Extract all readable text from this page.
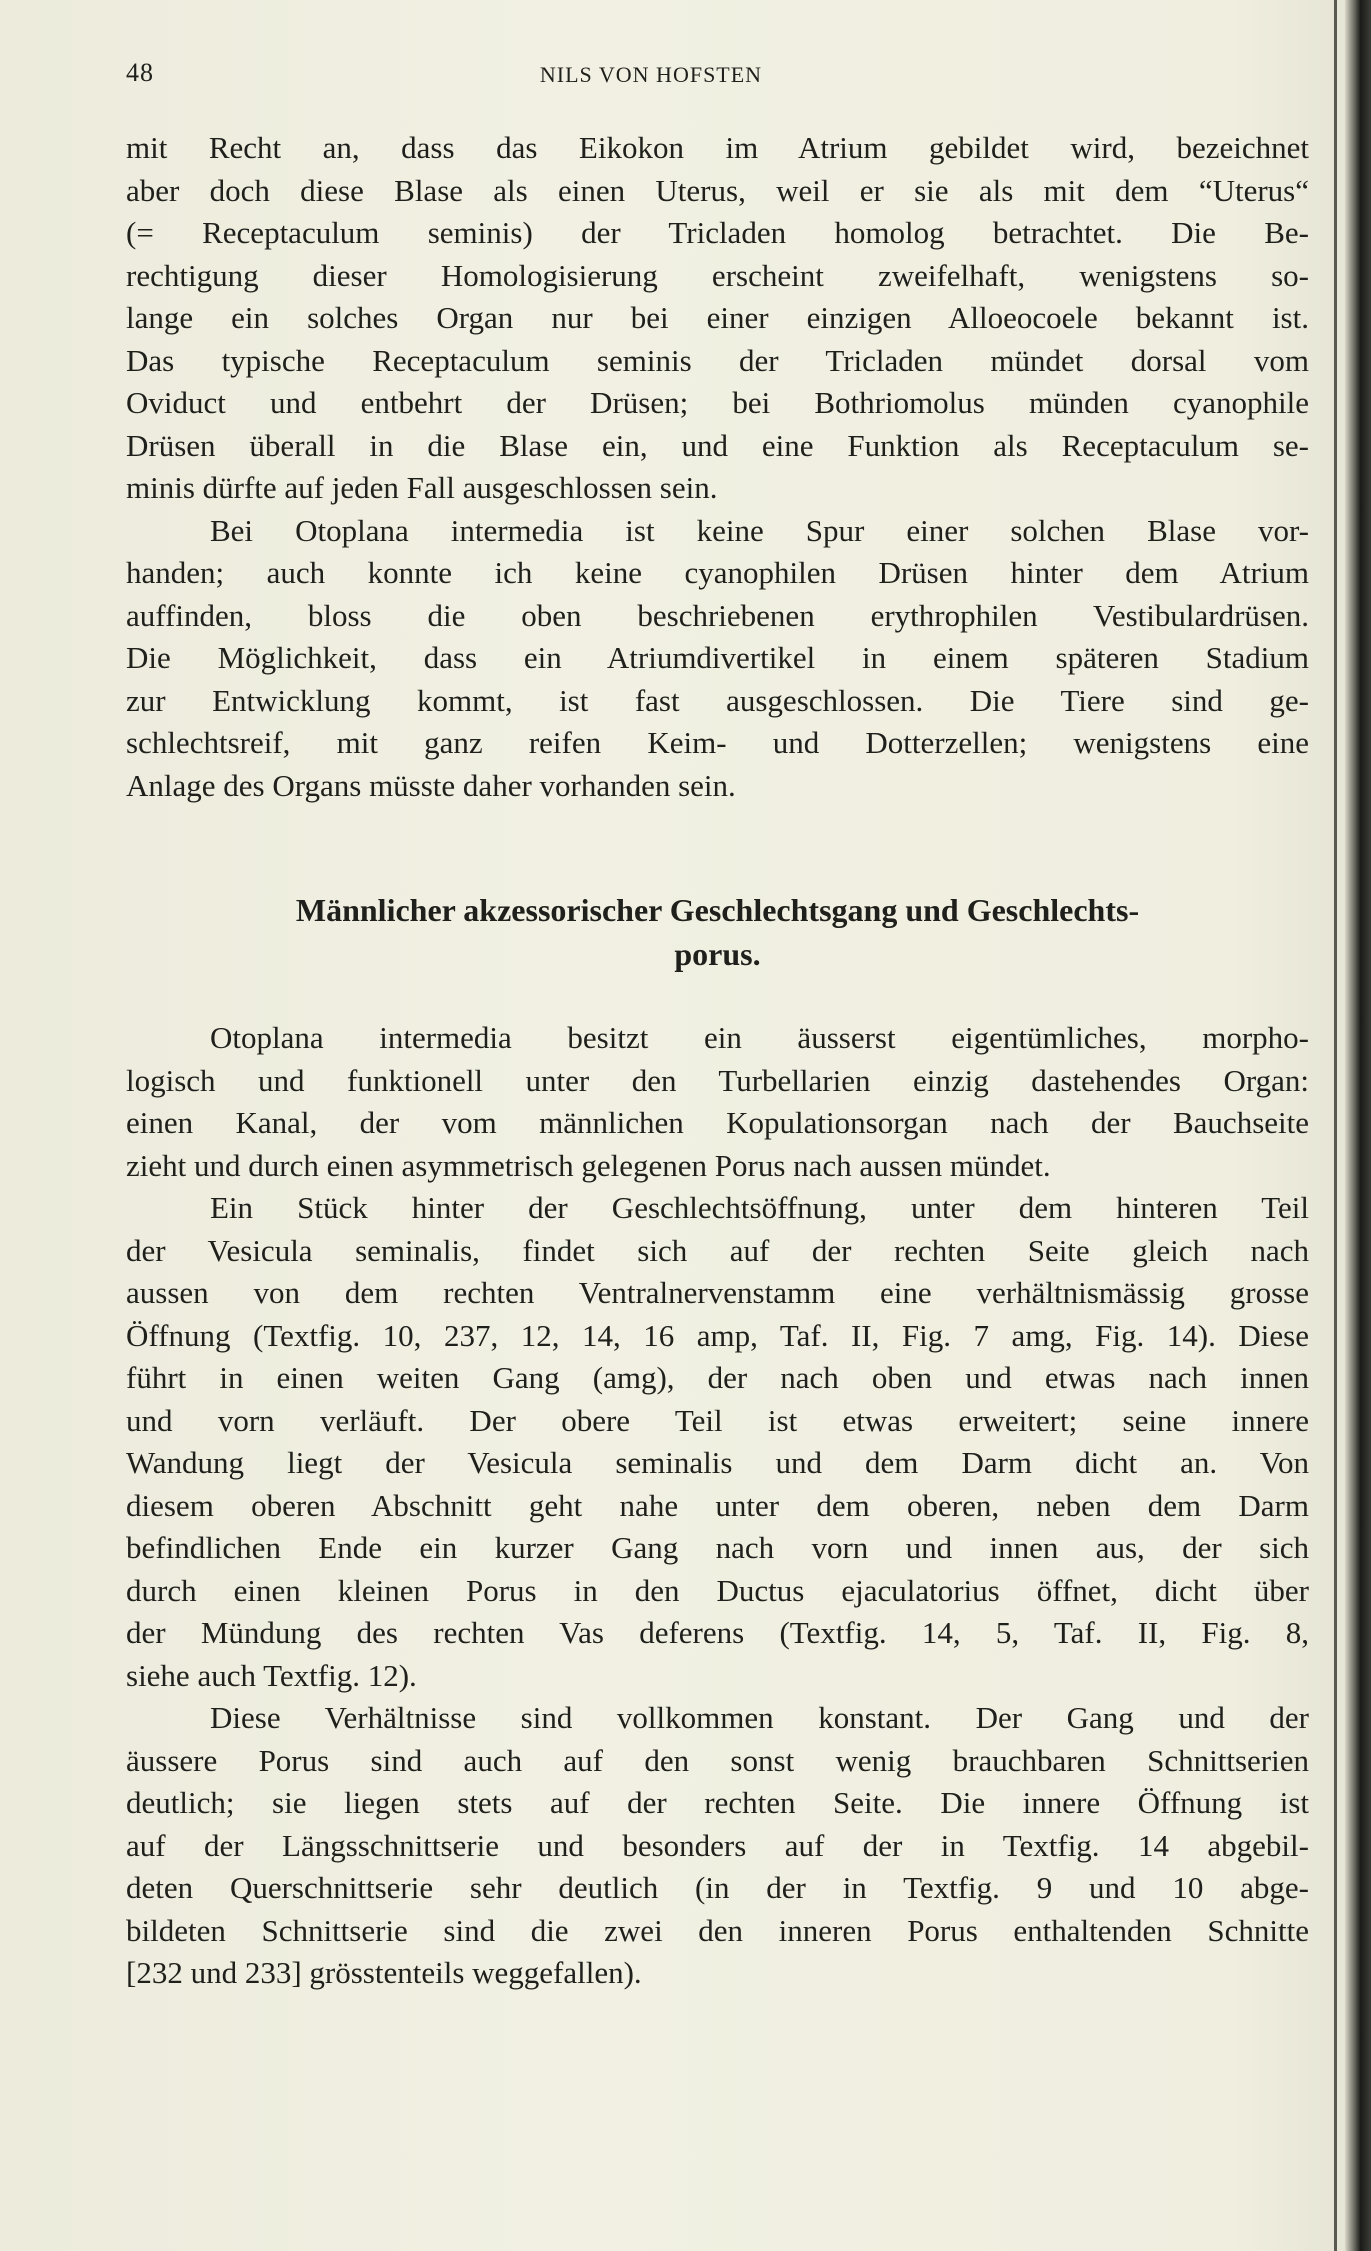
48	NILS VON HOFSTEN
mit Recht an, dass das Eikokon im Atrium gebildet wird, bezeichnet
aber doch diese Blase als einen Uterus, weil er sie als mit dem “Uterus“
(= Receptaculum seminis) der Tricladen homolog betrachtet. Die Be-
rechtigung dieser Homologisierung erscheint zweifelhaft, wenigstens so-
lange ein solches Organ nur bei einer einzigen Alloeocoele bekannt ist.
Das typische Receptaculum seminis der Tricladen mündet dorsal vom
Oviduct und entbehrt der Drüsen; bei Bothriomolus münden cyanophile
Drüsen überall in die Blase ein, und eine Funktion als Receptaculum se-
minis dürfte auf jeden Fall ausgeschlossen sein.
Bei Otoplana intermedia ist keine Spur einer solchen Blase vor-
handen; auch konnte ich keine cyanophilen Drüsen hinter dem Atrium
auffinden, bloss die oben beschriebenen erythrophilen Vestibulardrüsen.
Die Möglichkeit, dass ein Atriumdivertikel in einem späteren Stadium
zur Entwicklung kommt, ist fast ausgeschlossen. Die Tiere sind ge-
schlechtsreif, mit ganz reifen Keim- und Dotterzellen; wenigstens eine
Anlage des Organs müsste daher vorhanden sein.
Männlicher akzessorischer Geschlechtsgang und Geschlechts-
porus.
Otoplana intermedia besitzt ein äusserst eigentümliches, morpho-
logisch und funktionell unter den Turbellarien einzig dastehendes Organ:
einen Kanal, der vom männlichen Kopulationsorgan nach der Bauchseite
zieht und durch einen asymmetrisch gelegenen Porus nach aussen mündet.
Ein Stück hinter der Geschlechtsöffnung, unter dem hinteren Teil
der Vesicula seminalis, findet sich auf der rechten Seite gleich nach
aussen von dem rechten Ventralnervenstamm eine verhältnismässig grosse
Öffnung (Textfig. 10, 237, 12, 14, 16 amp, Taf. II, Fig. 7 amg, Fig. 14). Diese
führt in einen weiten Gang (amg), der nach oben und etwas nach innen
und vorn verläuft. Der obere Teil ist etwas erweitert; seine innere
Wandung liegt der Vesicula seminalis und dem Darm dicht an. Von
diesem oberen Abschnitt geht nahe unter dem oberen, neben dem Darm
befindlichen Ende ein kurzer Gang nach vorn und innen aus, der sich
durch einen kleinen Porus in den Ductus ejaculatorius öffnet, dicht über
der Mündung des rechten Vas deferens (Textfig. 14, 5, Taf. II, Fig. 8,
siehe auch Textfig. 12).
Diese Verhältnisse sind vollkommen konstant. Der Gang und der
äussere Porus sind auch auf den sonst wenig brauchbaren Schnittserien
deutlich; sie liegen stets auf der rechten Seite. Die innere Öffnung ist
auf der Längsschnittserie und besonders auf der in Textfig. 14 abgebil-
deten Querschnittserie sehr deutlich (in der in Textfig. 9 und 10 abge-
bildeten Schnittserie sind die zwei den inneren Porus enthaltenden Schnitte
[232 und 233] grösstenteils weggefallen).
